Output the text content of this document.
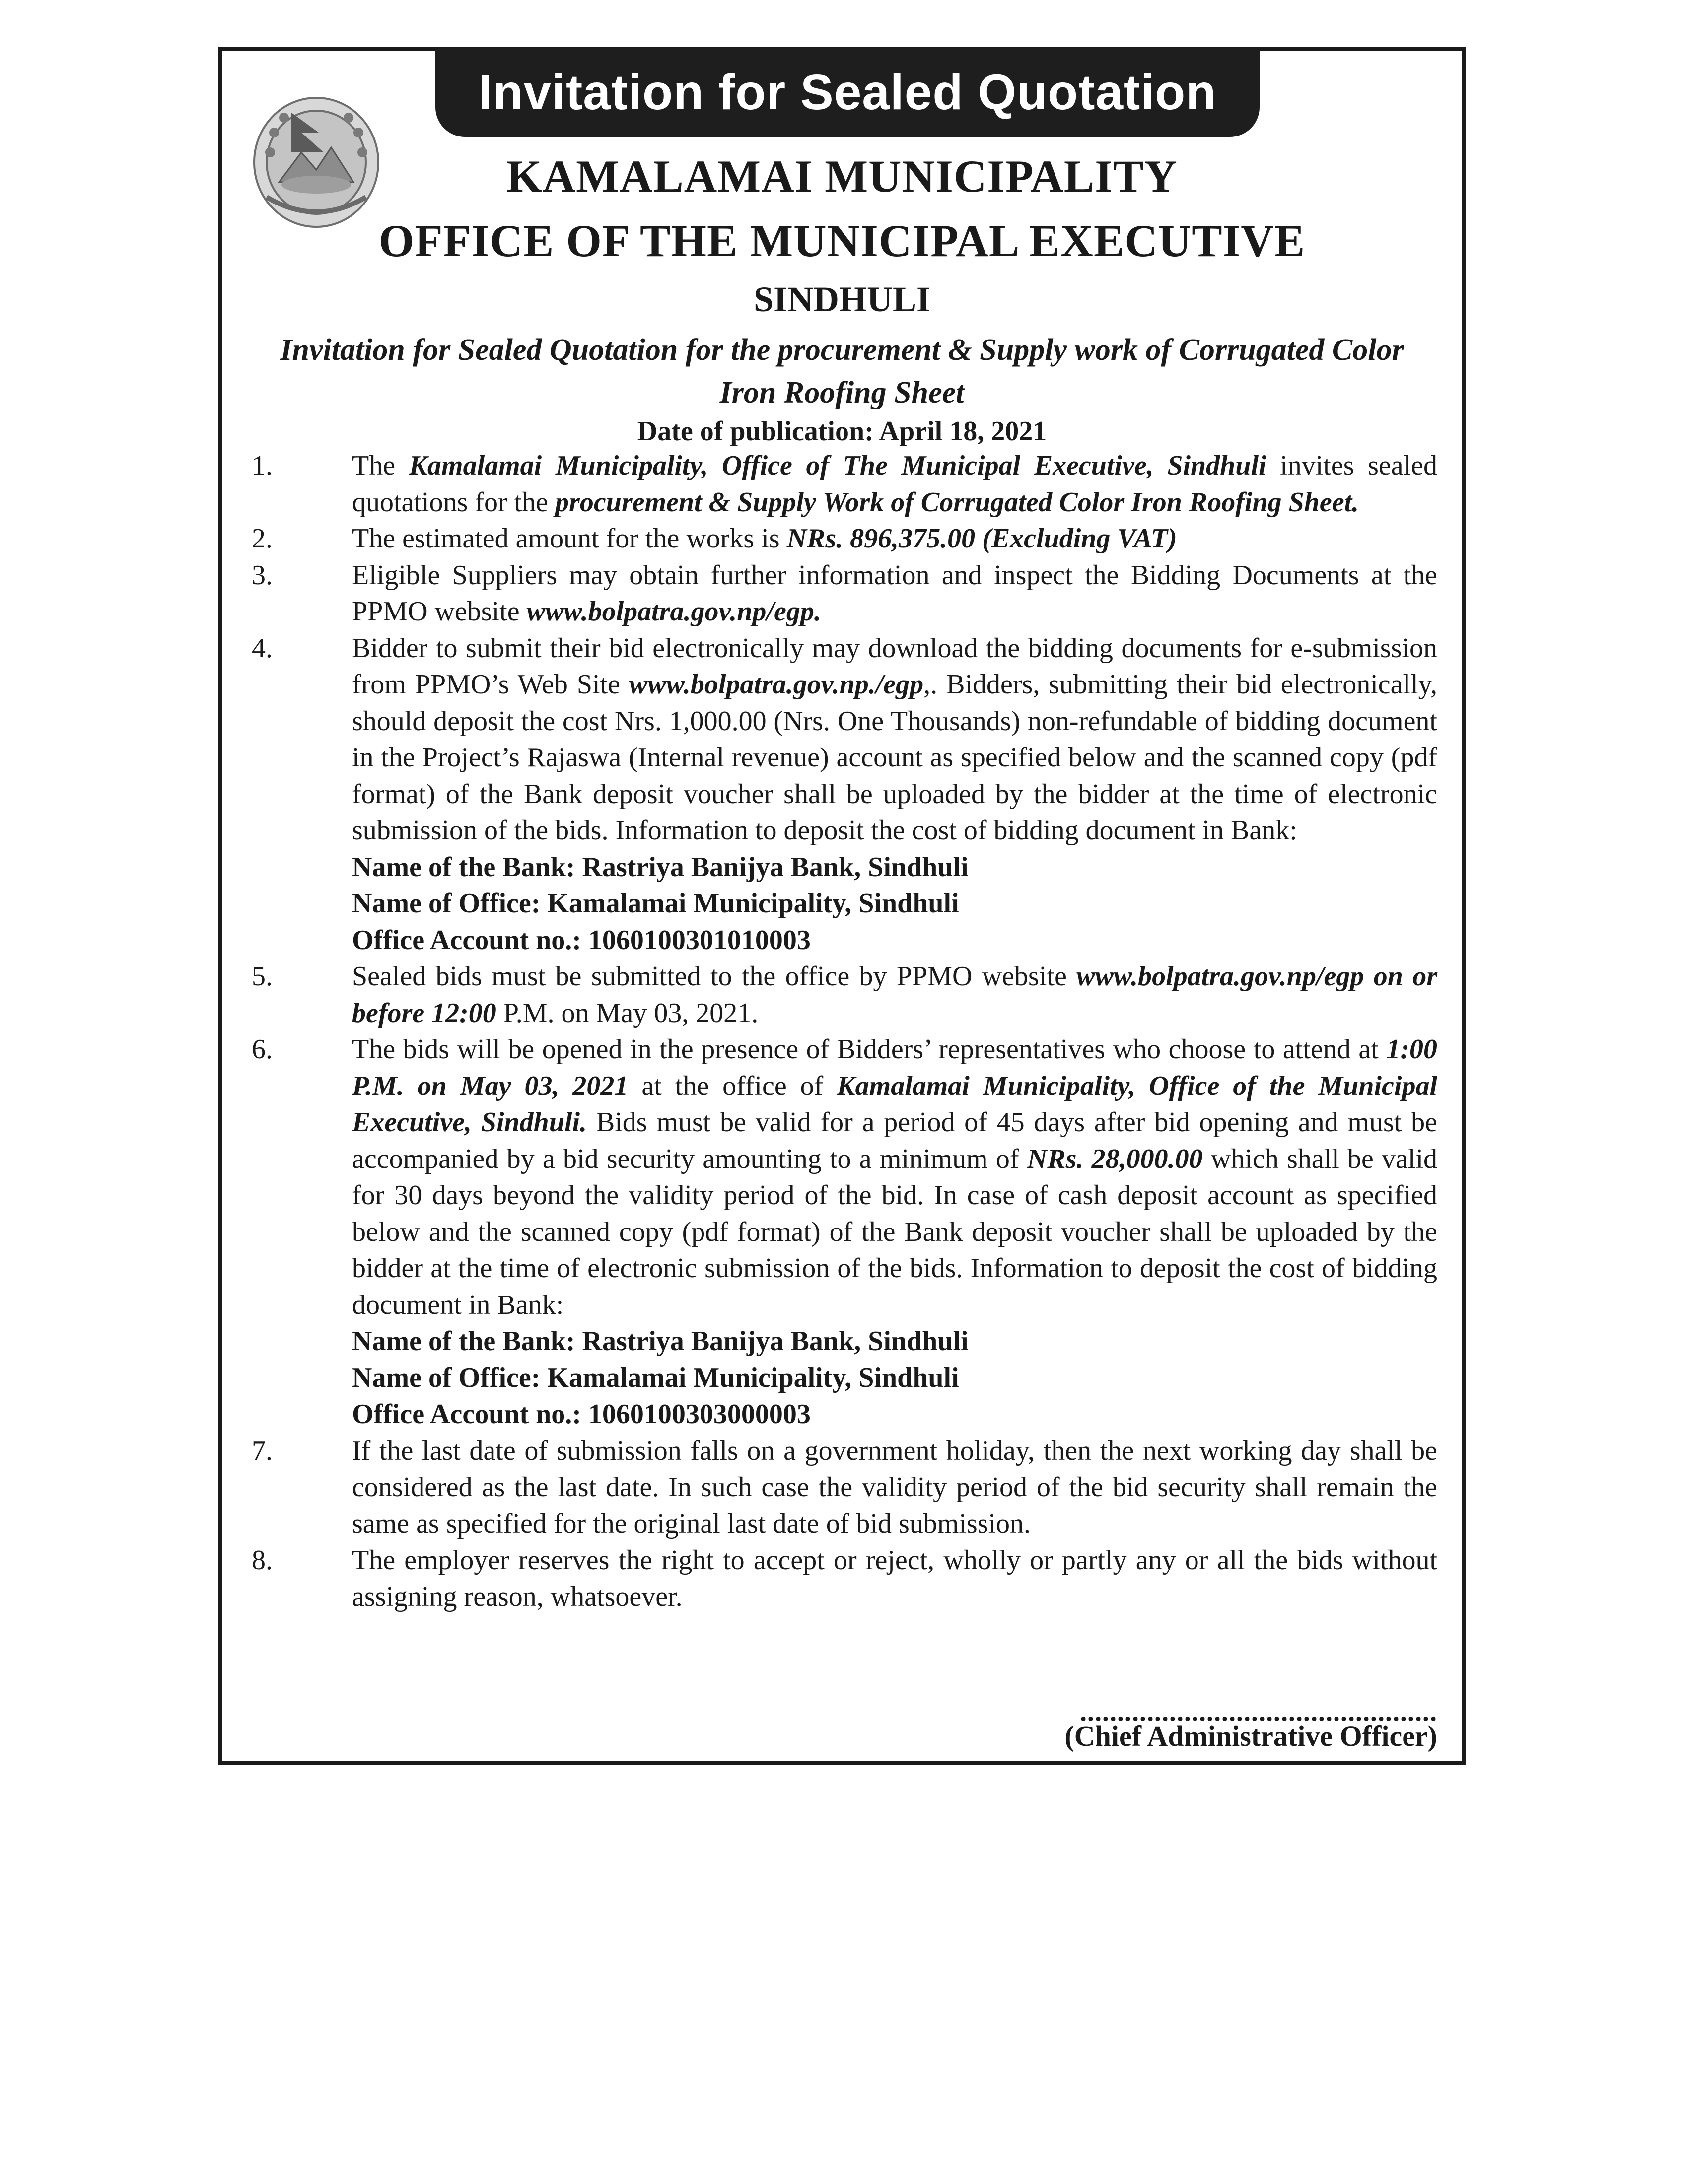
Invitation for Sealed Quotation
KAMALAMAI MUNICIPALITY
OFFICE OF THE MUNICIPAL EXECUTIVE
SINDHULI
Invitation for Sealed Quotation for the procurement & Supply work of Corrugated Color Iron Roofing Sheet
Date of publication: April 18, 2021
1.	The Kamalamai Municipality, Office of The Municipal Executive, Sindhuli invites sealed quotations for the procurement & Supply Work of Corrugated Color Iron Roofing Sheet.
2.	The estimated amount for the works is NRs. 896,375.00 (Excluding VAT)
3.	Eligible Suppliers may obtain further information and inspect the Bidding Documents at the PPMO website www.bolpatra.gov.np/egp.
4.	Bidder to submit their bid electronically may download the bidding documents for e-submission from PPMO’s Web Site www.bolpatra.gov.np./egp,. Bidders, submitting their bid electronically, should deposit the cost Nrs. 1,000.00 (Nrs. One Thousands) non-refundable of bidding document in the Project’s Rajaswa (Internal revenue) account as specified below and the scanned copy (pdf format) of the Bank deposit voucher shall be uploaded by the bidder at the time of electronic submission of the bids. Information to deposit the cost of bidding document in Bank:
Name of the Bank: Rastriya Banijya Bank, Sindhuli
Name of Office: Kamalamai Municipality, Sindhuli
Office Account no.: 1060100301010003
5.	Sealed bids must be submitted to the office by PPMO website www.bolpatra.gov.np/egp on or before 12:00 P.M. on May 03, 2021.
6.	The bids will be opened in the presence of Bidders’ representatives who choose to attend at 1:00 P.M. on May 03, 2021 at the office of Kamalamai Municipality, Office of the Municipal Executive, Sindhuli. Bids must be valid for a period of 45 days after bid opening and must be accompanied by a bid security amounting to a minimum of NRs. 28,000.00 which shall be valid for 30 days beyond the validity period of the bid. In case of cash deposit account as specified below and the scanned copy (pdf format) of the Bank deposit voucher shall be uploaded by the bidder at the time of electronic submission of the bids. Information to deposit the cost of bidding document in Bank:
Name of the Bank: Rastriya Banijya Bank, Sindhuli
Name of Office: Kamalamai Municipality, Sindhuli
Office Account no.: 1060100303000003
7.	If the last date of submission falls on a government holiday, then the next working day shall be considered as the last date. In such case the validity period of the bid security shall remain the same as specified for the original last date of bid submission.
8.	The employer reserves the right to accept or reject, wholly or partly any or all the bids without assigning reason, whatsoever.
................................................
(Chief Administrative Officer)
